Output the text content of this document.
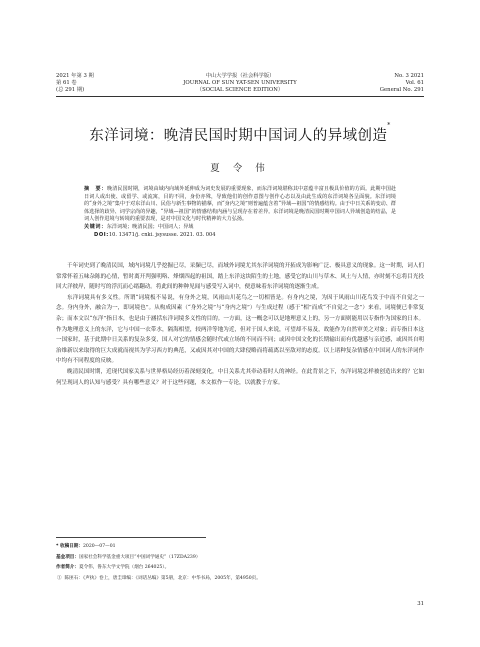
2021 年第 3 期
第 61 卷
(总 291 期)
中山大学学报（社会科学版）
JOURNAL OF SUN YAT-SEN UNIVERSITY
（SOCIAL SCIENCE EDITION）
No. 3 2021
Vol. 61
General No. 291
东洋词境：晚清民国时期中国词人的异域创造*
夏 令 伟

摘　要：晚清民国时期，词境由域内向域外延伸成为词史发展的重要现象，而东洋词境堪称其中意蕴丰富且极具价值的方面。此期中国赴日词人或出使、或留学、或流寓，目的不同，身份亦殊，导致他们的创作意图与创作心态以及由此生成的东洋词境各呈面貌。东洋词境的“身外之境”集中于对东洋山川、民俗与新生事物的描摹，而“身内之境”则普遍蕴含着“异域—祖国”的情感结构。由于中日关系的变动、群体选择的歧异、词学宗尚的异趣，“异域—祖国”的情感结构内涵与呈现存在着差异。东洋词境是晚清民国时期中国词人异域创造的结晶，是词人创作进境与转境的重要表现，是对中国文化与时代精神的大力弘扬。

关键词：东洋词境；晚清民国；中国词人；异域

DOI:10. 13471/j. cnki. jsysusse. 2021. 03. 004

千年词史到了晚清民国，域内词境几乎挖掘已尽，采撷已尽，而域外词境尤其东洋词境的开拓成为影响广泛、极具意义的现象。这一时期，词人们常常怀着五味杂陈的心情，暂时离开判强明咯、烽烟四起的祖国，踏上东洋这块陌生的土地，感受它的山川与草木、风土与人情，亦时刻不忘将目光投回大洋彼岸，随时写的浮沉而心绪翻动。将此间的种种见闻与感受写入词中，便意味着东洋词境的逐渐生成。

东洋词境具有多义性。所谓“词境板不易说，有身外之境，风雨山川花鸟之一切相皆是。有身内之境，为因于风雨山川花鸟发于中而不自觉之一念。身内身外，融合为一，即词境也”。从构成因素（“身外之境”与“身内之境”）与生成过程（感于“相”而成“不自觉之一念”）来看，词境便已非常复杂；而本文以“东洋”指日本，也是由于涵括东洋词境多义性的目的。一方面，这一概念可以是地理意义上的，另一方面则能用以专指作为国家的日本。作为地理意义上的东洋，它与中国一衣带水，隔海相望，较两洋等地为近，但对于国人来说，可望却不易及，故能作为自然审美之对象；而专指日本这一国家时，基于此期中日关系的复杂多变，国人对它的情感会随时代或立场的不同而不同；或因中国文化的长期输出而有优越感与亲近感，或因其自明治维新以来取得的巨大成就而视其为学习西方的典范，又或因其对中国的大肆侵略而将疏离以至敌对的态度。以上诸种复杂情感在中国词人的东洋词作中均有不同程度的反映。

晚清民国时期，近现代国家关系与世界格局经历着深刻变化，中日关系尤其牵动着时人的神经。在此背景之下，东洋词境怎样被创造出来的？它如何呈现词人的认知与感受？具有哪些意义？对于这些问题，本文拟作一专论，以就教于方家。

* 收稿日期：2020—07—01

基金项目：国家社会科学基金重大项目“中国词学通史”（17ZDA239）

作者简介：夏令伟，鲁东大学文学院（烟台 264025）。

① 陈匪石：《声执》卷上，唐圭璋编：《词话丛编》第5册，北京：中华书局，2005年，第4950页。

31
